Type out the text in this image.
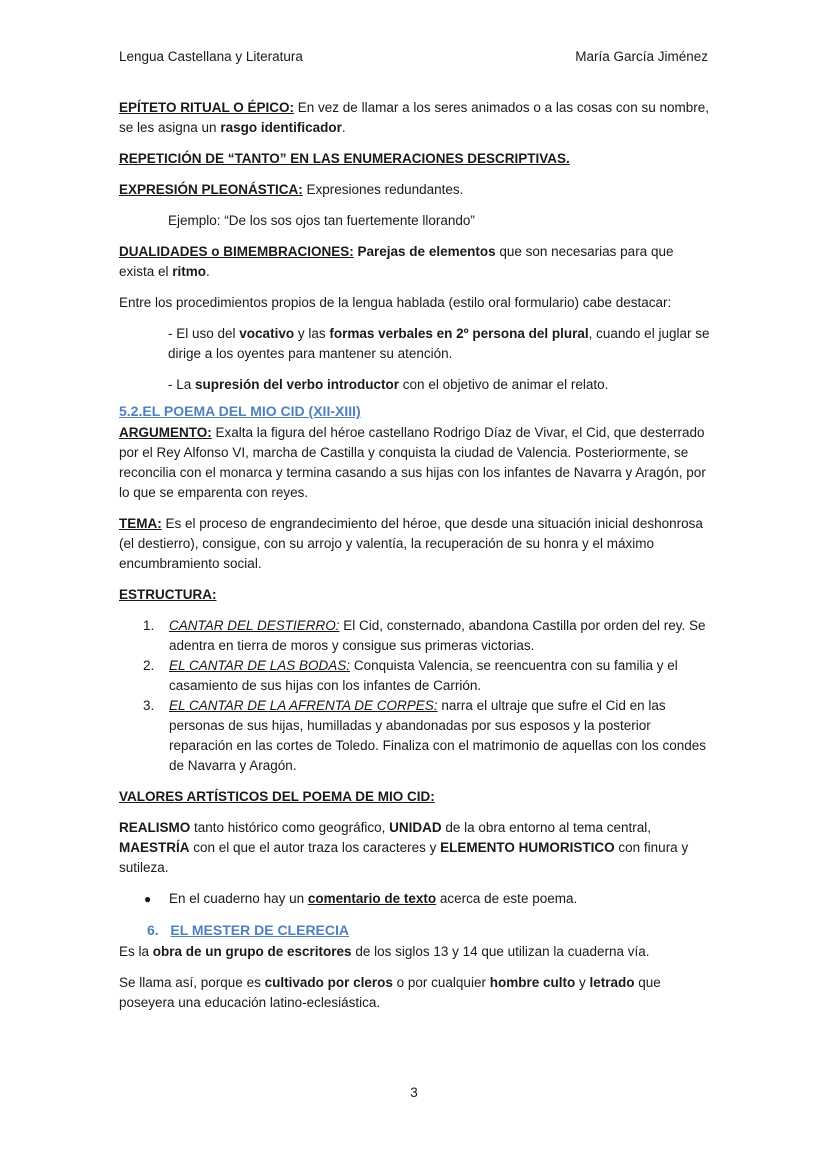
Lengua Castellana y Literatura	María García Jiménez

EPÍTETO RITUAL O ÉPICO: En vez de llamar a los seres animados o a las cosas con su nombre, se les asigna un rasgo identificador.

REPETICIÓN DE “TANTO” EN LAS ENUMERACIONES DESCRIPTIVAS.

EXPRESIÓN PLEONÁSTICA: Expresiones redundantes.

Ejemplo: “De los sos ojos tan fuertemente llorando”

DUALIDADES o BIMEMBRACIONES: Parejas de elementos que son necesarias para que exista el ritmo.

Entre los procedimientos propios de la lengua hablada (estilo oral formulario) cabe destacar:

- El uso del vocativo y las formas verbales en 2º persona del plural, cuando el juglar se dirige a los oyentes para mantener su atención.

- La supresión del verbo introductor con el objetivo de animar el relato.

5.2.EL POEMA DEL MIO CID (XII-XIII)

ARGUMENTO: Exalta la figura del héroe castellano Rodrigo Díaz de Vivar, el Cid, que desterrado por el Rey Alfonso VI, marcha de Castilla y conquista la ciudad de Valencia. Posteriormente, se reconcilia con el monarca y termina casando a sus hijas con los infantes de Navarra y Aragón, por lo que se emparenta con reyes.

TEMA: Es el proceso de engrandecimiento del héroe, que desde una situación inicial deshonrosa (el destierro), consigue, con su arrojo y valentía, la recuperación de su honra y el máximo encumbramiento social.

ESTRUCTURA:

1. CANTAR DEL DESTIERRO: El Cid, consternado, abandona Castilla por orden del rey. Se adentra en tierra de moros y consigue sus primeras victorias.
2. EL CANTAR DE LAS BODAS: Conquista Valencia, se reencuentra con su familia y el casamiento de sus hijas con los infantes de Carrión.
3. EL CANTAR DE LA AFRENTA DE CORPES: narra el ultraje que sufre el Cid en las personas de sus hijas, humilladas y abandonadas por sus esposos y la posterior reparación en las cortes de Toledo. Finaliza con el matrimonio de aquellas con los condes de Navarra y Aragón.

VALORES ARTÍSTICOS DEL POEMA DE MIO CID:

REALISMO tanto histórico como geográfico, UNIDAD de la obra entorno al tema central, MAESTRÍA con el que el autor traza los caracteres y ELEMENTO HUMORISTICO con finura y sutileza.

● En el cuaderno hay un comentario de texto acerca de este poema.
6. EL MESTER DE CLERECIA

Es la obra de un grupo de escritores de los siglos 13 y 14 que utilizan la cuaderna vía.

Se llama así, porque es cultivado por cleros o por cualquier hombre culto y letrado que poseyera una educación latino-eclesiástica.

3
